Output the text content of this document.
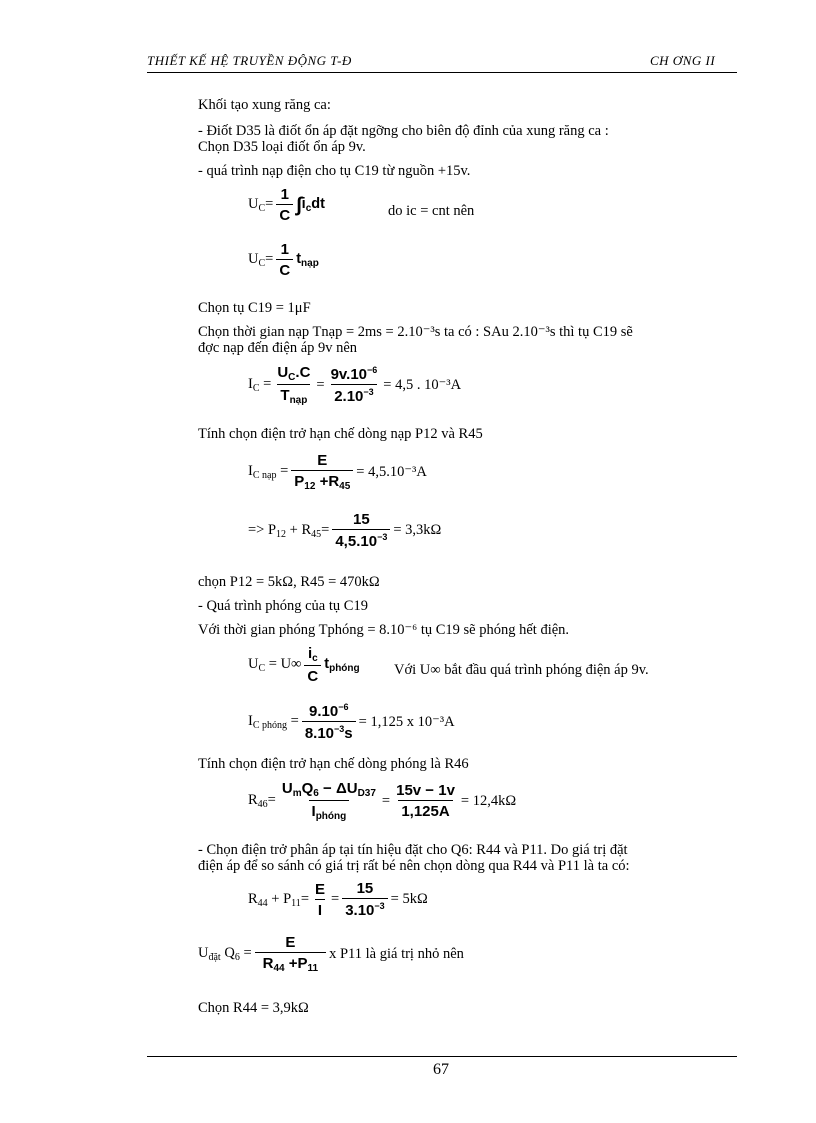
THIẾT KẾ HỆ TRUYỀN ĐỘNG T-Đ	CH ƠNG II
Khối tạo xung răng ca:
- Điốt D35 là điốt ổn áp đặt ngỡng cho biên độ đỉnh của xung răng ca :
Chọn D35 loại điốt ổn áp 9v.
- quá trình nạp điện cho tụ C19 từ nguồn +15v.
$U_C= \frac{1}{C}$ ∫ $i_cdt$	do ic = cnt nên
$U_C= \frac{1}{C} t_{nạp}$
Chọn tụ C19 = 1μF
Chọn thời gian nạp Tnạp = 2ms = 2.10⁻³s ta có : SAu 2.10⁻³s thì tụ C19 sẽ
đợc nạp đến điện áp 9v nên
$I_C = \frac{U_C.C}{T_{nạp}} = \frac{9v.10^{-6}}{2.10^{-3}} = 4,5$ . 10⁻³A
Tính chọn điện trở hạn chế dòng nạp P12 và R45
$I_{C nạp} = \frac{E}{P_{12} +R_{45}} = 4,5.10^{-3}A$
=> $P_{12} + R_{45}= \frac{15}{4,5.10^{-3}} = 3,3k\Omega$
chọn P12 = 5kΩ, R45 = 470kΩ
- Quá trình phóng của tụ C19
Với thời gian phóng Tphóng = 8.10⁻⁶ tụ C19 sẽ phóng hết điện.
$U_C = U\infty \frac{i_c}{C} t_{phóng}$ Với U∞ bắt đầu quá trình phóng điện áp 9v.
$I_{C phóng} = \frac{9.10^{-6}}{8.10^{-3}s} = 1,125$ x 10⁻³A
Tính chọn điện trở hạn chế dòng phóng là R46
$R_{46}= \frac{U_mQ_6 - \Delta U_{D37}}{I_{phóng}} = \frac{15v - 1v}{1,125A} = 12,4k\Omega$
- Chọn điện trở phân áp tại tín hiệu đặt cho Q6: R44 và P11. Do giá trị đặt
điện áp để so sánh có giá trị rất bé nên chọn dòng qua R44 và P11 là ta có:
$R_{44} + P_{11}= \frac{E}{I} = \frac{15}{3.10^{-3}} = 5k\Omega$
$U_{đặt}$ $Q_6 = \frac{E}{R_{44} +P_{11}}$ x P11 là giá trị nhỏ nên
Chọn R44 = 3,9kΩ
67
